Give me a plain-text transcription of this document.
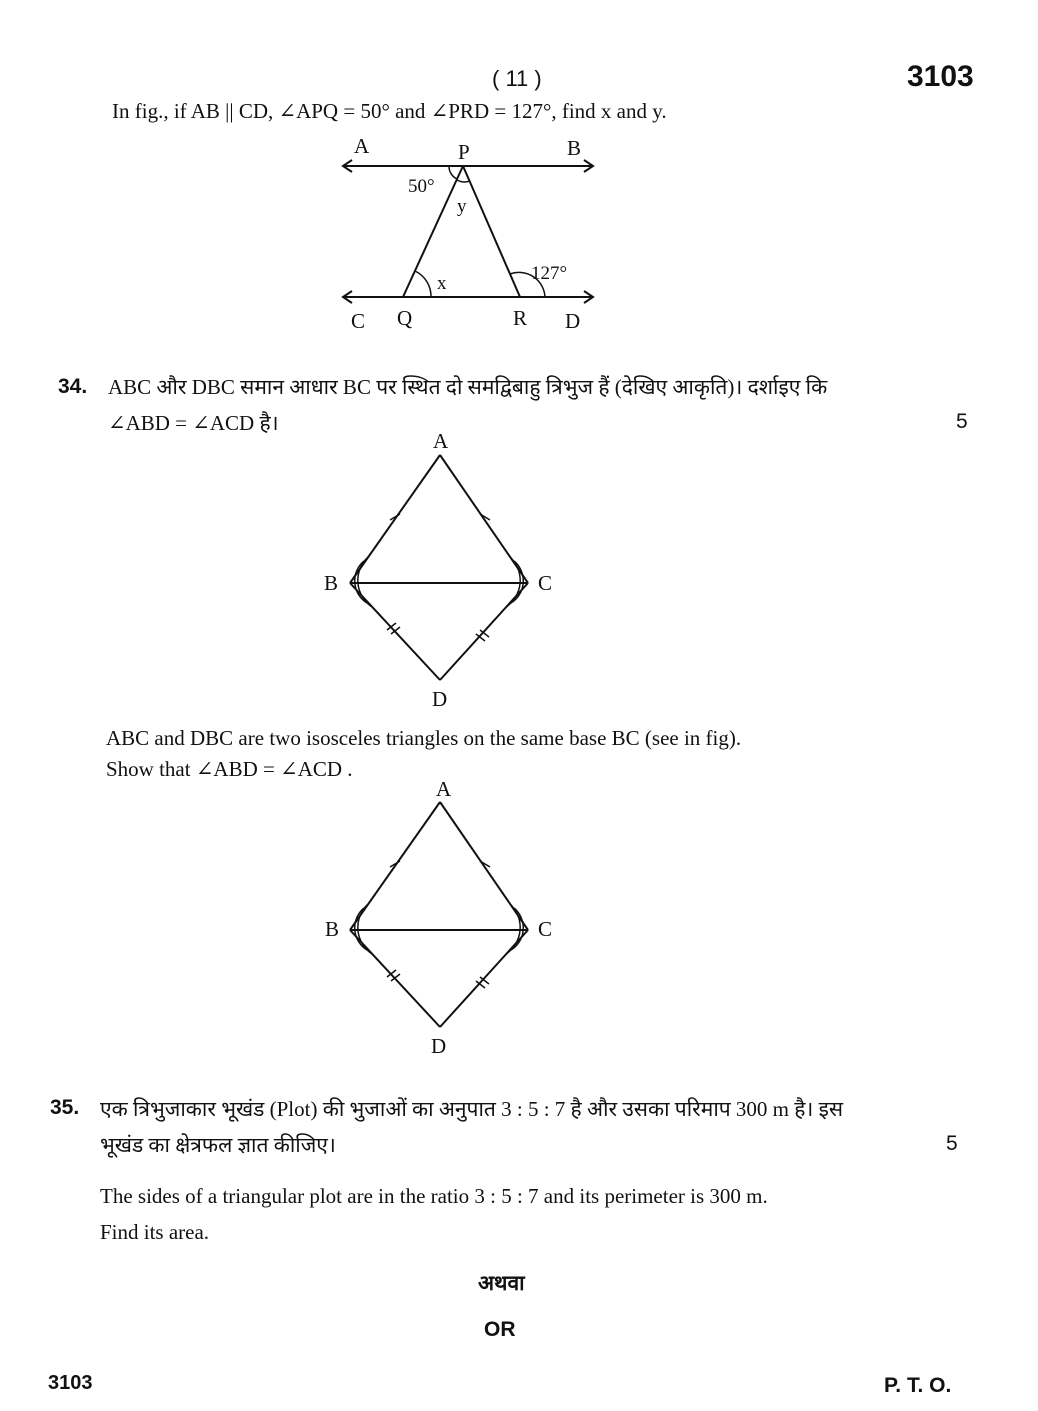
( 11 )	3103
In fig., if AB || CD, ∠APQ = 50° and ∠PRD = 127°, find x and y.
A	P	B
50°
y
x	127°
C Q	R D
34. ABC और DBC समान आधार BC पर स्थित दो समद्विबाहु त्रिभुज हैं (देखिए आकृति)। दर्शाइए कि
∠ABD = ∠ACD है।	5
A
B	C
D
ABC and DBC are two isosceles triangles on the same base BC (see in fig).
Show that ∠ABD = ∠ACD .
A
B	C
D
35. एक त्रिभुजाकार भूखंड (Plot) की भुजाओं का अनुपात 3 : 5 : 7 है और उसका परिमाप 300 m है। इस
भूखंड का क्षेत्रफल ज्ञात कीजिए।	5
The sides of a triangular plot are in the ratio 3 : 5 : 7 and its perimeter is 300 m.
Find its area.
अथवा
OR
3103	P. T. O.
